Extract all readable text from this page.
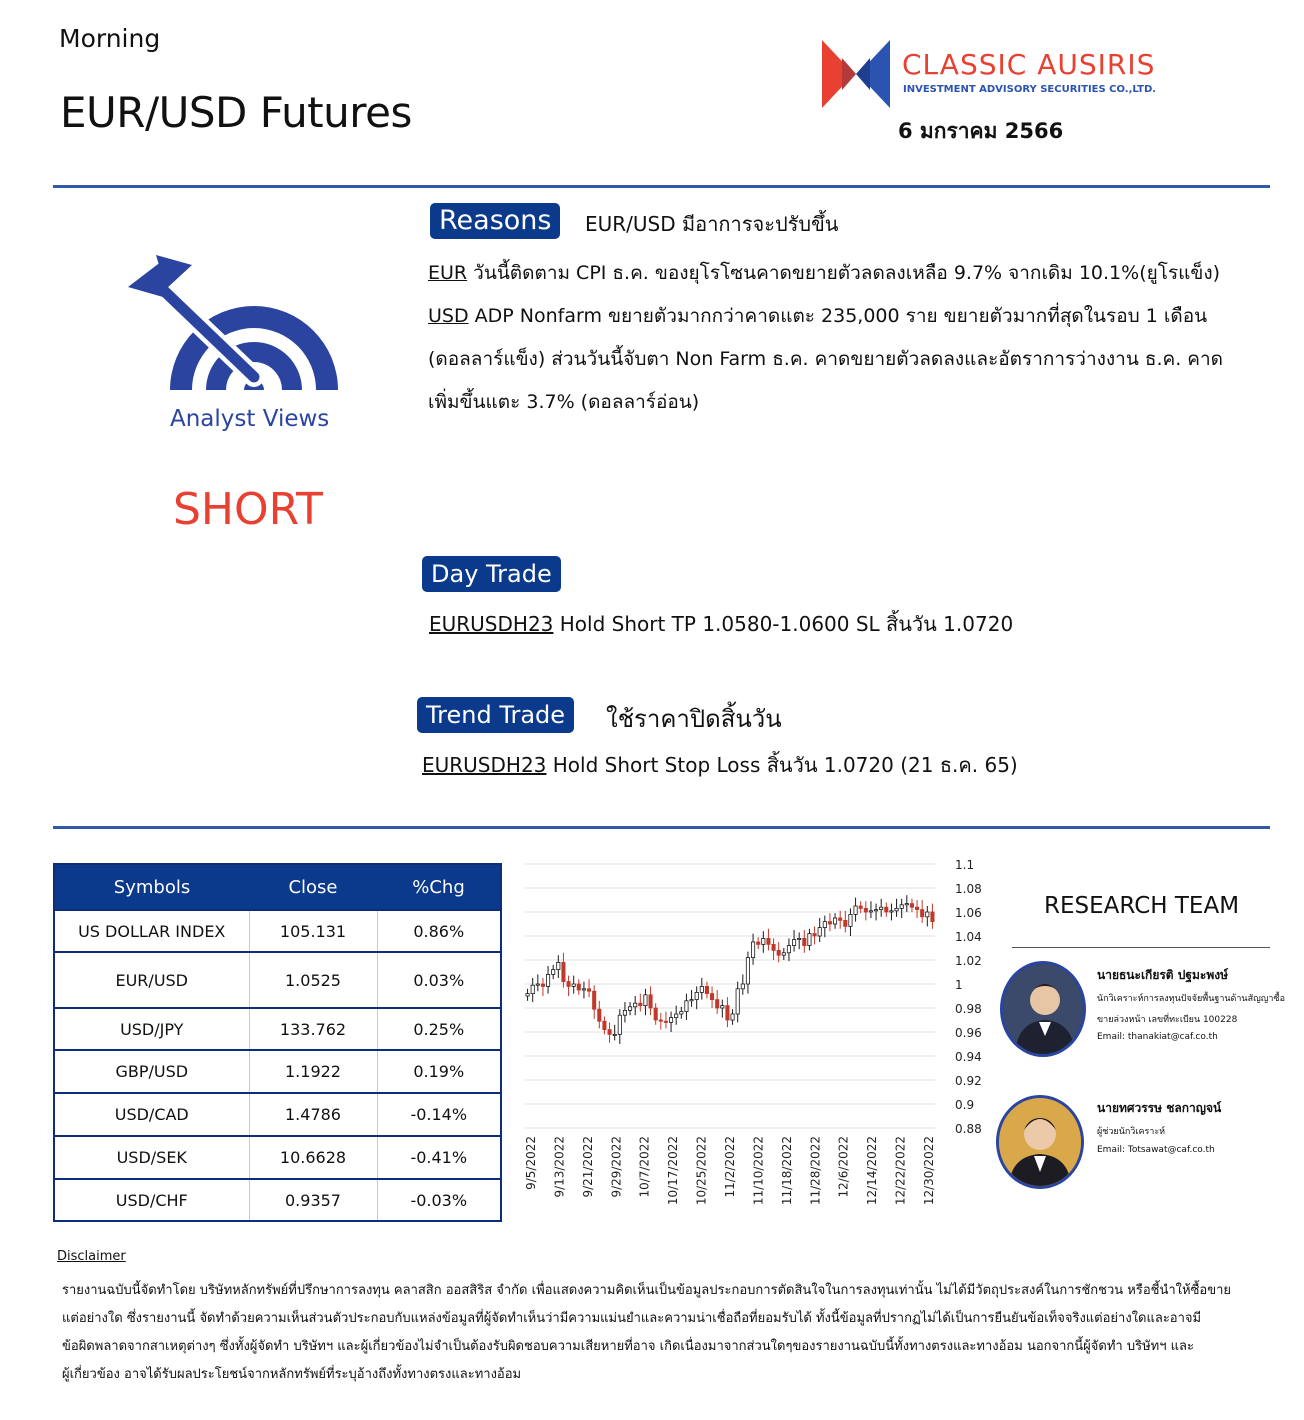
Morning
EUR/USD Futures
CLASSIC AUSIRIS
INVESTMENT ADVISORY SECURITIES CO.,LTD.
6 มกราคม 2566
Analyst Views
SHORT
Reasons	EUR/USD มีอาการจะปรับขึ้น
EUR วันนี้ติดตาม CPI ธ.ค. ของยุโรโซนคาดขยายตัวลดลงเหลือ 9.7% จากเดิม 10.1%(ยูโรแข็ง)
USD ADP Nonfarm ขยายตัวมากกว่าคาดแตะ 235,000 ราย ขยายตัวมากที่สุดในรอบ 1 เดือน
(ดอลลาร์แข็ง) ส่วนวันนี้จับตา Non Farm ธ.ค. คาดขยายตัวลดลงและอัตราการว่างงาน ธ.ค. คาด
เพิ่มขึ้นแตะ 3.7% (ดอลลาร์อ่อน)
Day Trade
EURUSDH23 Hold Short TP 1.0580-1.0600 SL สิ้นวัน 1.0720
Trend Trade	ใช้ราคาปิดสิ้นวัน
EURUSDH23 Hold Short Stop Loss สิ้นวัน 1.0720 (21 ธ.ค. 65)
Symbols	Close	%Chg
US DOLLAR INDEX	105.131	0.86%
EUR/USD	1.0525	0.03%
USD/JPY	133.762	0.25%
GBP/USD	1.1922	0.19%
USD/CAD	1.4786	-0.14%
USD/SEK	10.6628	-0.41%
USD/CHF	0.9357	-0.03%
1.1
1.08
1.06
1.04
1.02
1
0.98
0.96
0.94
0.92
0.9
0.88
9/5/2022 9/13/2022 9/21/2022 9/29/2022 10/7/2022 10/17/2022 10/25/2022 11/2/2022 11/10/2022 11/18/2022 11/28/2022 12/6/2022 12/14/2022 12/22/2022 12/30/2022
RESEARCH TEAM
นายธนะเกียรติ ปฐมะพงษ์
นักวิเคราะห์การลงทุนปัจจัยพื้นฐานด้านสัญญาซื้อ
ขายล่วงหน้า เลขที่ทะเบียน 100228
Email: thanakiat@caf.co.th
นายทศวรรษ ชลกาญจน์
ผู้ช่วยนักวิเคราะห์
Email: Totsawat@caf.co.th
Disclaimer
รายงานฉบับนี้จัดทำโดย บริษัทหลักทรัพย์ที่ปรึกษาการลงทุน คลาสสิก ออสสิริส จำกัด เพื่อแสดงความคิดเห็นเป็นข้อมูลประกอบการตัดสินใจในการลงทุนเท่านั้น ไม่ได้มีวัตถุประสงค์ในการชักชวน หรือชี้นำให้ซื้อขาย
แต่อย่างใด ซึ่งรายงานนี้ จัดทำด้วยความเห็นส่วนตัวประกอบกับแหล่งข้อมูลที่ผู้จัดทำเห็นว่ามีความแม่นยำและความน่าเชื่อถือที่ยอมรับได้ ทั้งนี้ข้อมูลที่ปรากฏไม่ได้เป็นการยืนยันข้อเท็จจริงแต่อย่างใดและอาจมี
ข้อผิดพลาดจากสาเหตุต่างๆ ซึ่งทั้งผู้จัดทำ บริษัทฯ และผู้เกี่ยวข้องไม่จำเป็นต้องรับผิดชอบความเสียหายที่อาจ เกิดเนื่องมาจากส่วนใดๆของรายงานฉบับนี้ทั้งทางตรงและทางอ้อม นอกจากนี้ผู้จัดทำ บริษัทฯ และ
ผู้เกี่ยวข้อง อาจได้รับผลประโยชน์จากหลักทรัพย์ที่ระบุอ้างถึงทั้งทางตรงและทางอ้อม
